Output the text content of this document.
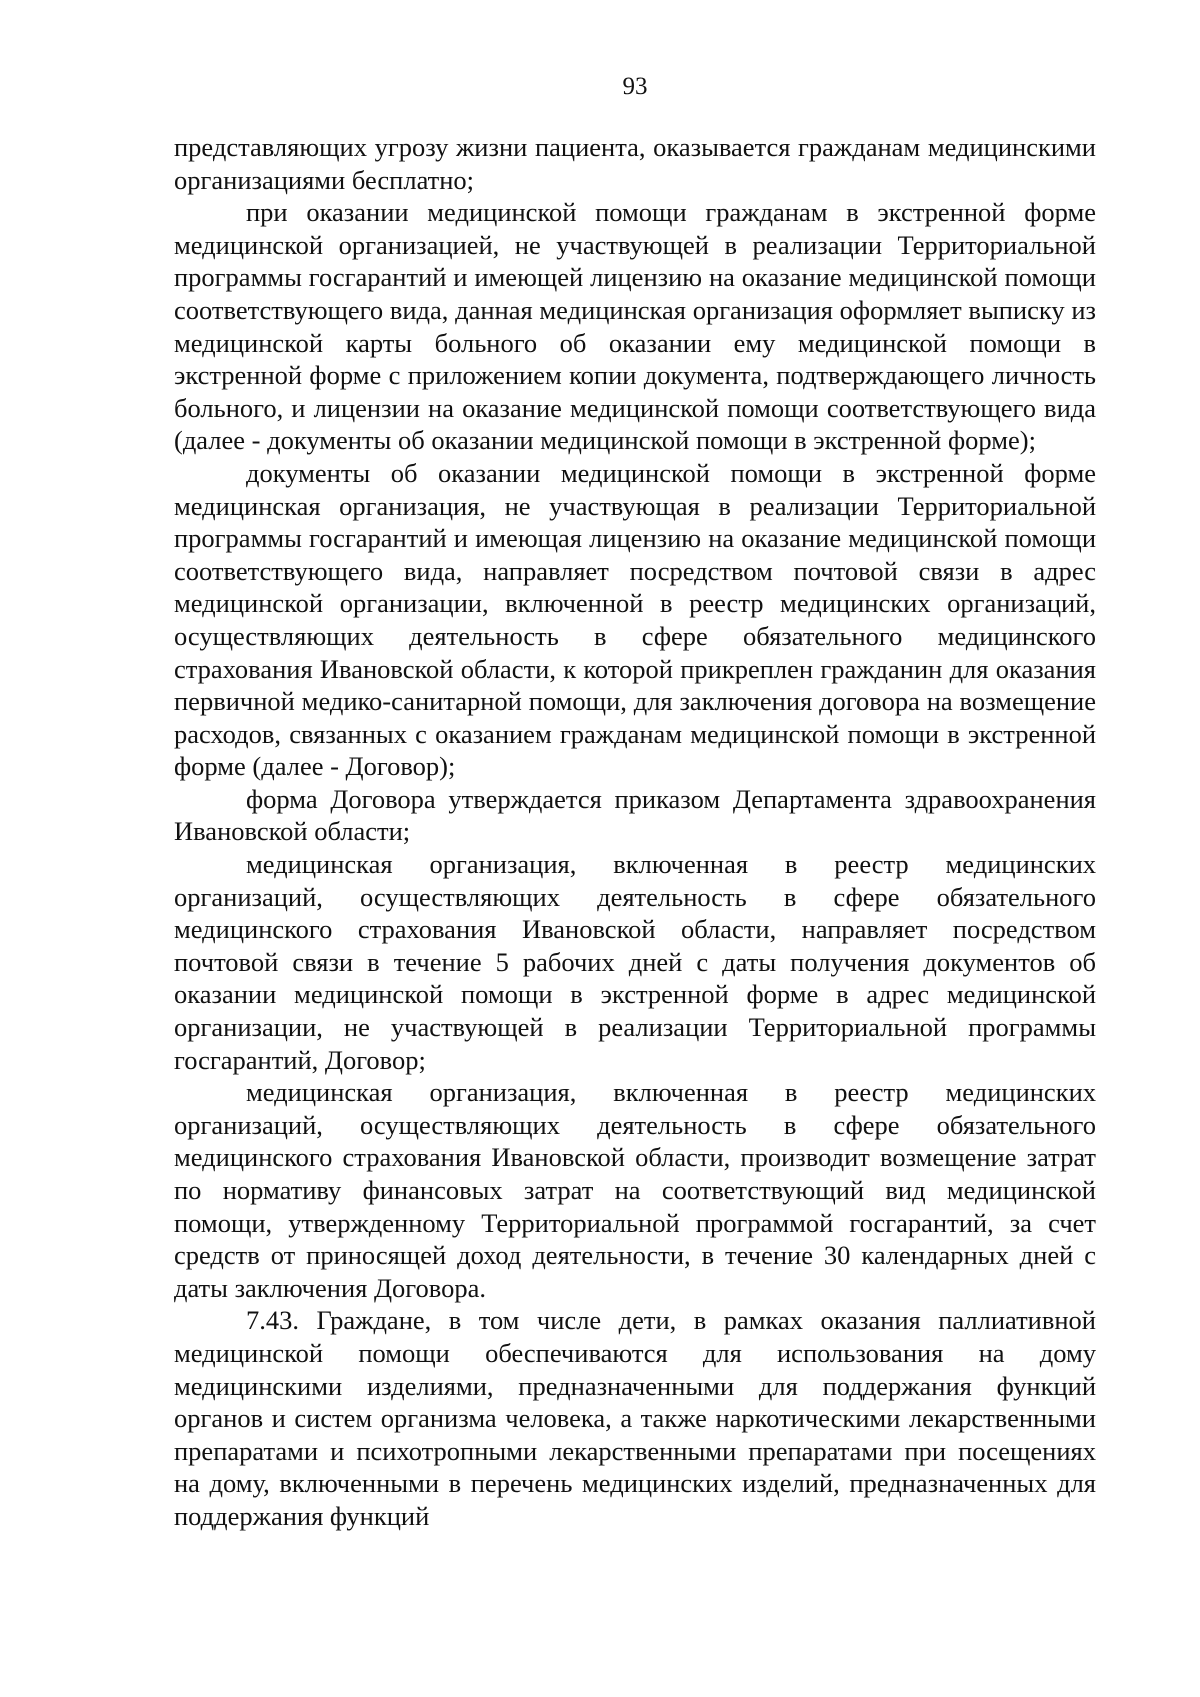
93

представляющих угрозу жизни пациента, оказывается гражданам медицинскими организациями бесплатно;

при оказании медицинской помощи гражданам в экстренной форме медицинской организацией, не участвующей в реализации Территориальной программы госгарантий и имеющей лицензию на оказание медицинской помощи соответствующего вида, данная медицинская организация оформляет выписку из медицинской карты больного об оказании ему медицинской помощи в экстренной форме с приложением копии документа, подтверждающего личность больного, и лицензии на оказание медицинской помощи соответствующего вида (далее - документы об оказании медицинской помощи в экстренной форме);

документы об оказании медицинской помощи в экстренной форме медицинская организация, не участвующая в реализации Территориальной программы госгарантий и имеющая лицензию на оказание медицинской помощи соответствующего вида, направляет посредством почтовой связи в адрес медицинской организации, включенной в реестр медицинских организаций, осуществляющих деятельность в сфере обязательного медицинского страхования Ивановской области, к которой прикреплен гражданин для оказания первичной медико-санитарной помощи, для заключения договора на возмещение расходов, связанных с оказанием гражданам медицинской помощи в экстренной форме (далее - Договор);

форма Договора утверждается приказом Департамента здравоохранения Ивановской области;

медицинская организация, включенная в реестр медицинских организаций, осуществляющих деятельность в сфере обязательного медицинского страхования Ивановской области, направляет посредством почтовой связи в течение 5 рабочих дней с даты получения документов об оказании медицинской помощи в экстренной форме в адрес медицинской организации, не участвующей в реализации Территориальной программы госгарантий, Договор;

медицинская организация, включенная в реестр медицинских организаций, осуществляющих деятельность в сфере обязательного медицинского страхования Ивановской области, производит возмещение затрат по нормативу финансовых затрат на соответствующий вид медицинской помощи, утвержденному Территориальной программой госгарантий, за счет средств от приносящей доход деятельности, в течение 30 календарных дней с даты заключения Договора.

7.43. Граждане, в том числе дети, в рамках оказания паллиативной медицинской помощи обеспечиваются для использования на дому медицинскими изделиями, предназначенными для поддержания функций органов и систем организма человека, а также наркотическими лекарственными препаратами и психотропными лекарственными препаратами при посещениях на дому, включенными в перечень медицинских изделий, предназначенных для поддержания функций
